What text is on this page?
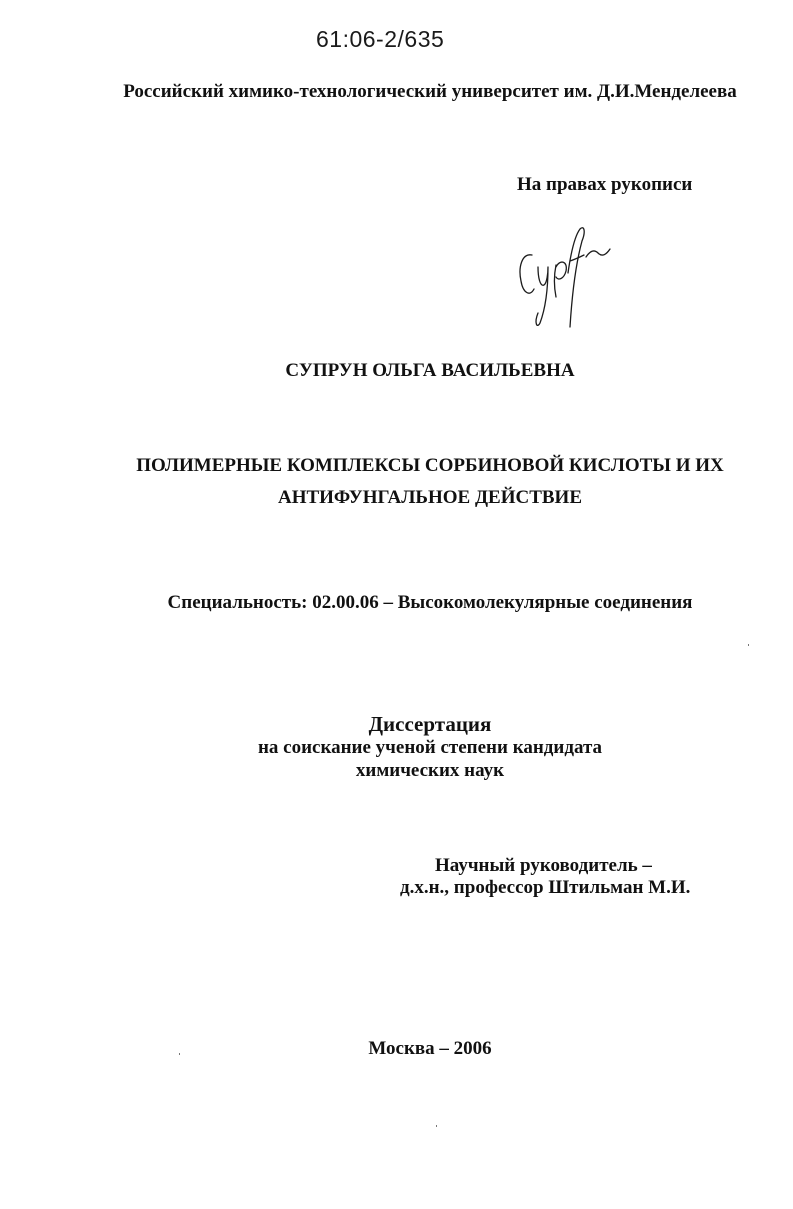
61:06-2/635
Российский химико-технологический университет им. Д.И.Менделеева
На правах рукописи
СУПРУН ОЛЬГА ВАСИЛЬЕВНА
ПОЛИМЕРНЫЕ КОМПЛЕКСЫ СОРБИНОВОЙ КИСЛОТЫ И ИХ
АНТИФУНГАЛЬНОЕ ДЕЙСТВИЕ
Специальность: 02.00.06 – Высокомолекулярные соединения
Диссертация
на соискание ученой степени кандидата
химических наук
Научный руководитель –
д.х.н., профессор Штильман М.И.
Москва – 2006
